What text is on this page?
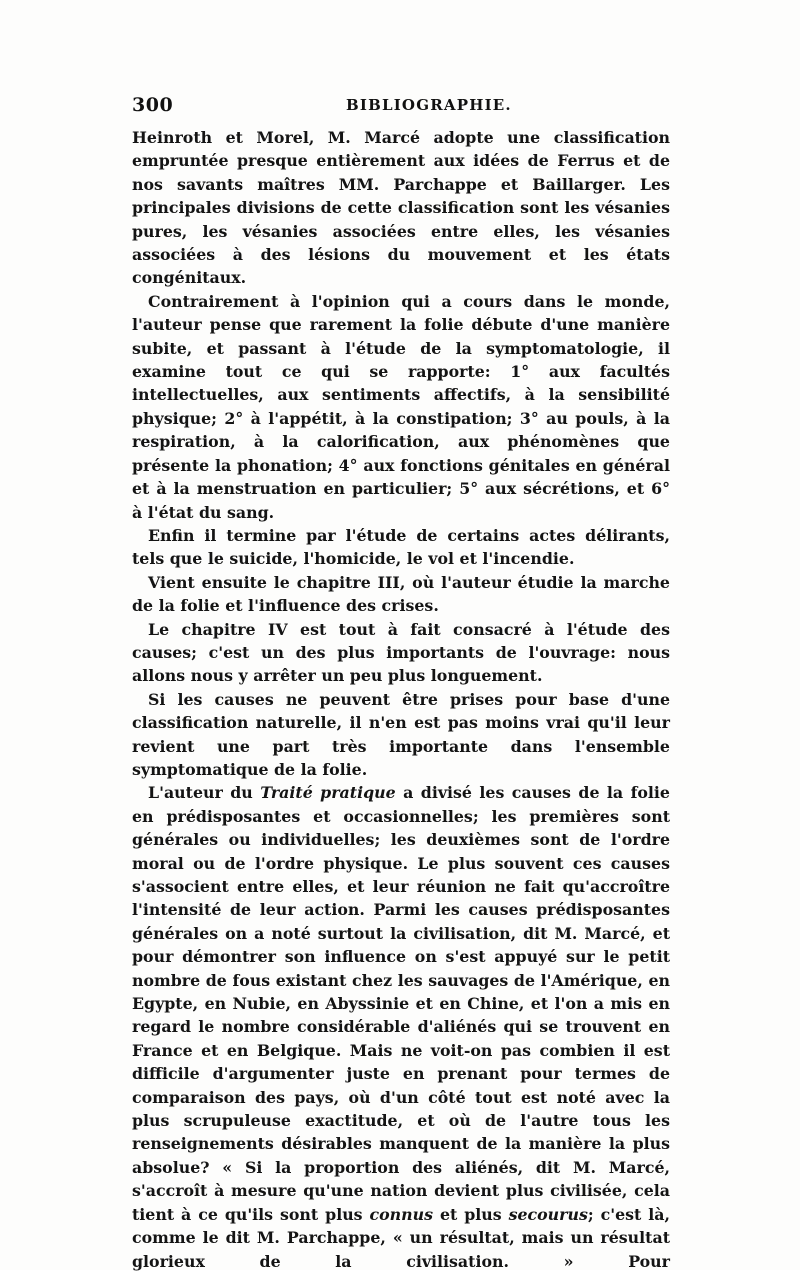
300	BIBLIOGRAPHIE.

Heinroth et Morel, M. Marcé adopte une classification empruntée presque entièrement aux idées de Ferrus et de nos savants maîtres MM. Parchappe et Baillarger. Les principales divisions de cette classification sont les vésanies pures, les vésanies associées entre elles, les vésanies associées à des lésions du mouvement et les états congénitaux.

Contrairement à l'opinion qui a cours dans le monde, l'auteur pense que rarement la folie débute d'une manière subite, et passant à l'étude de la symptomatologie, il examine tout ce qui se rapporte: 1° aux facultés intellectuelles, aux sentiments affectifs, à la sensibilité physique; 2° à l'appétit, à la constipation; 3° au pouls, à la respiration, à la calorification, aux phénomènes que présente la phonation; 4° aux fonctions génitales en général et à la menstruation en particulier; 5° aux sécrétions, et 6° à l'état du sang.

Enfin il termine par l'étude de certains actes délirants, tels que le suicide, l'homicide, le vol et l'incendie.

Vient ensuite le chapitre III, où l'auteur étudie la marche de la folie et l'influence des crises.

Le chapitre IV est tout à fait consacré à l'étude des causes; c'est un des plus importants de l'ouvrage: nous allons nous y arrêter un peu plus longuement.

Si les causes ne peuvent être prises pour base d'une classification naturelle, il n'en est pas moins vrai qu'il leur revient une part très importante dans l'ensemble symptomatique de la folie.

L'auteur du Traité pratique a divisé les causes de la folie en prédisposantes et occasionnelles; les premières sont générales ou individuelles; les deuxièmes sont de l'ordre moral ou de l'ordre physique. Le plus souvent ces causes s'associent entre elles, et leur réunion ne fait qu'accroître l'intensité de leur action. Parmi les causes prédisposantes générales on a noté surtout la civilisation, dit M. Marcé, et pour démontrer son influence on s'est appuyé sur le petit nombre de fous existant chez les sauvages de l'Amérique, en Egypte, en Nubie, en Abyssinie et en Chine, et l'on a mis en regard le nombre considérable d'aliénés qui se trouvent en France et en Belgique. Mais ne voit-on pas combien il est difficile d'argumenter juste en prenant pour termes de comparaison des pays, où d'un côté tout est noté avec la plus scrupuleuse exactitude, et où de l'autre tous les renseignements désirables manquent de la manière la plus absolue? « Si la proportion des aliénés, dit M. Marcé, s'accroît à mesure qu'une nation devient plus civilisée, cela tient à ce qu'ils sont plus connus et plus secourus; c'est là, comme le dit M. Parchappe, « un résultat, mais un résultat glorieux de la civilisation. » Pour
